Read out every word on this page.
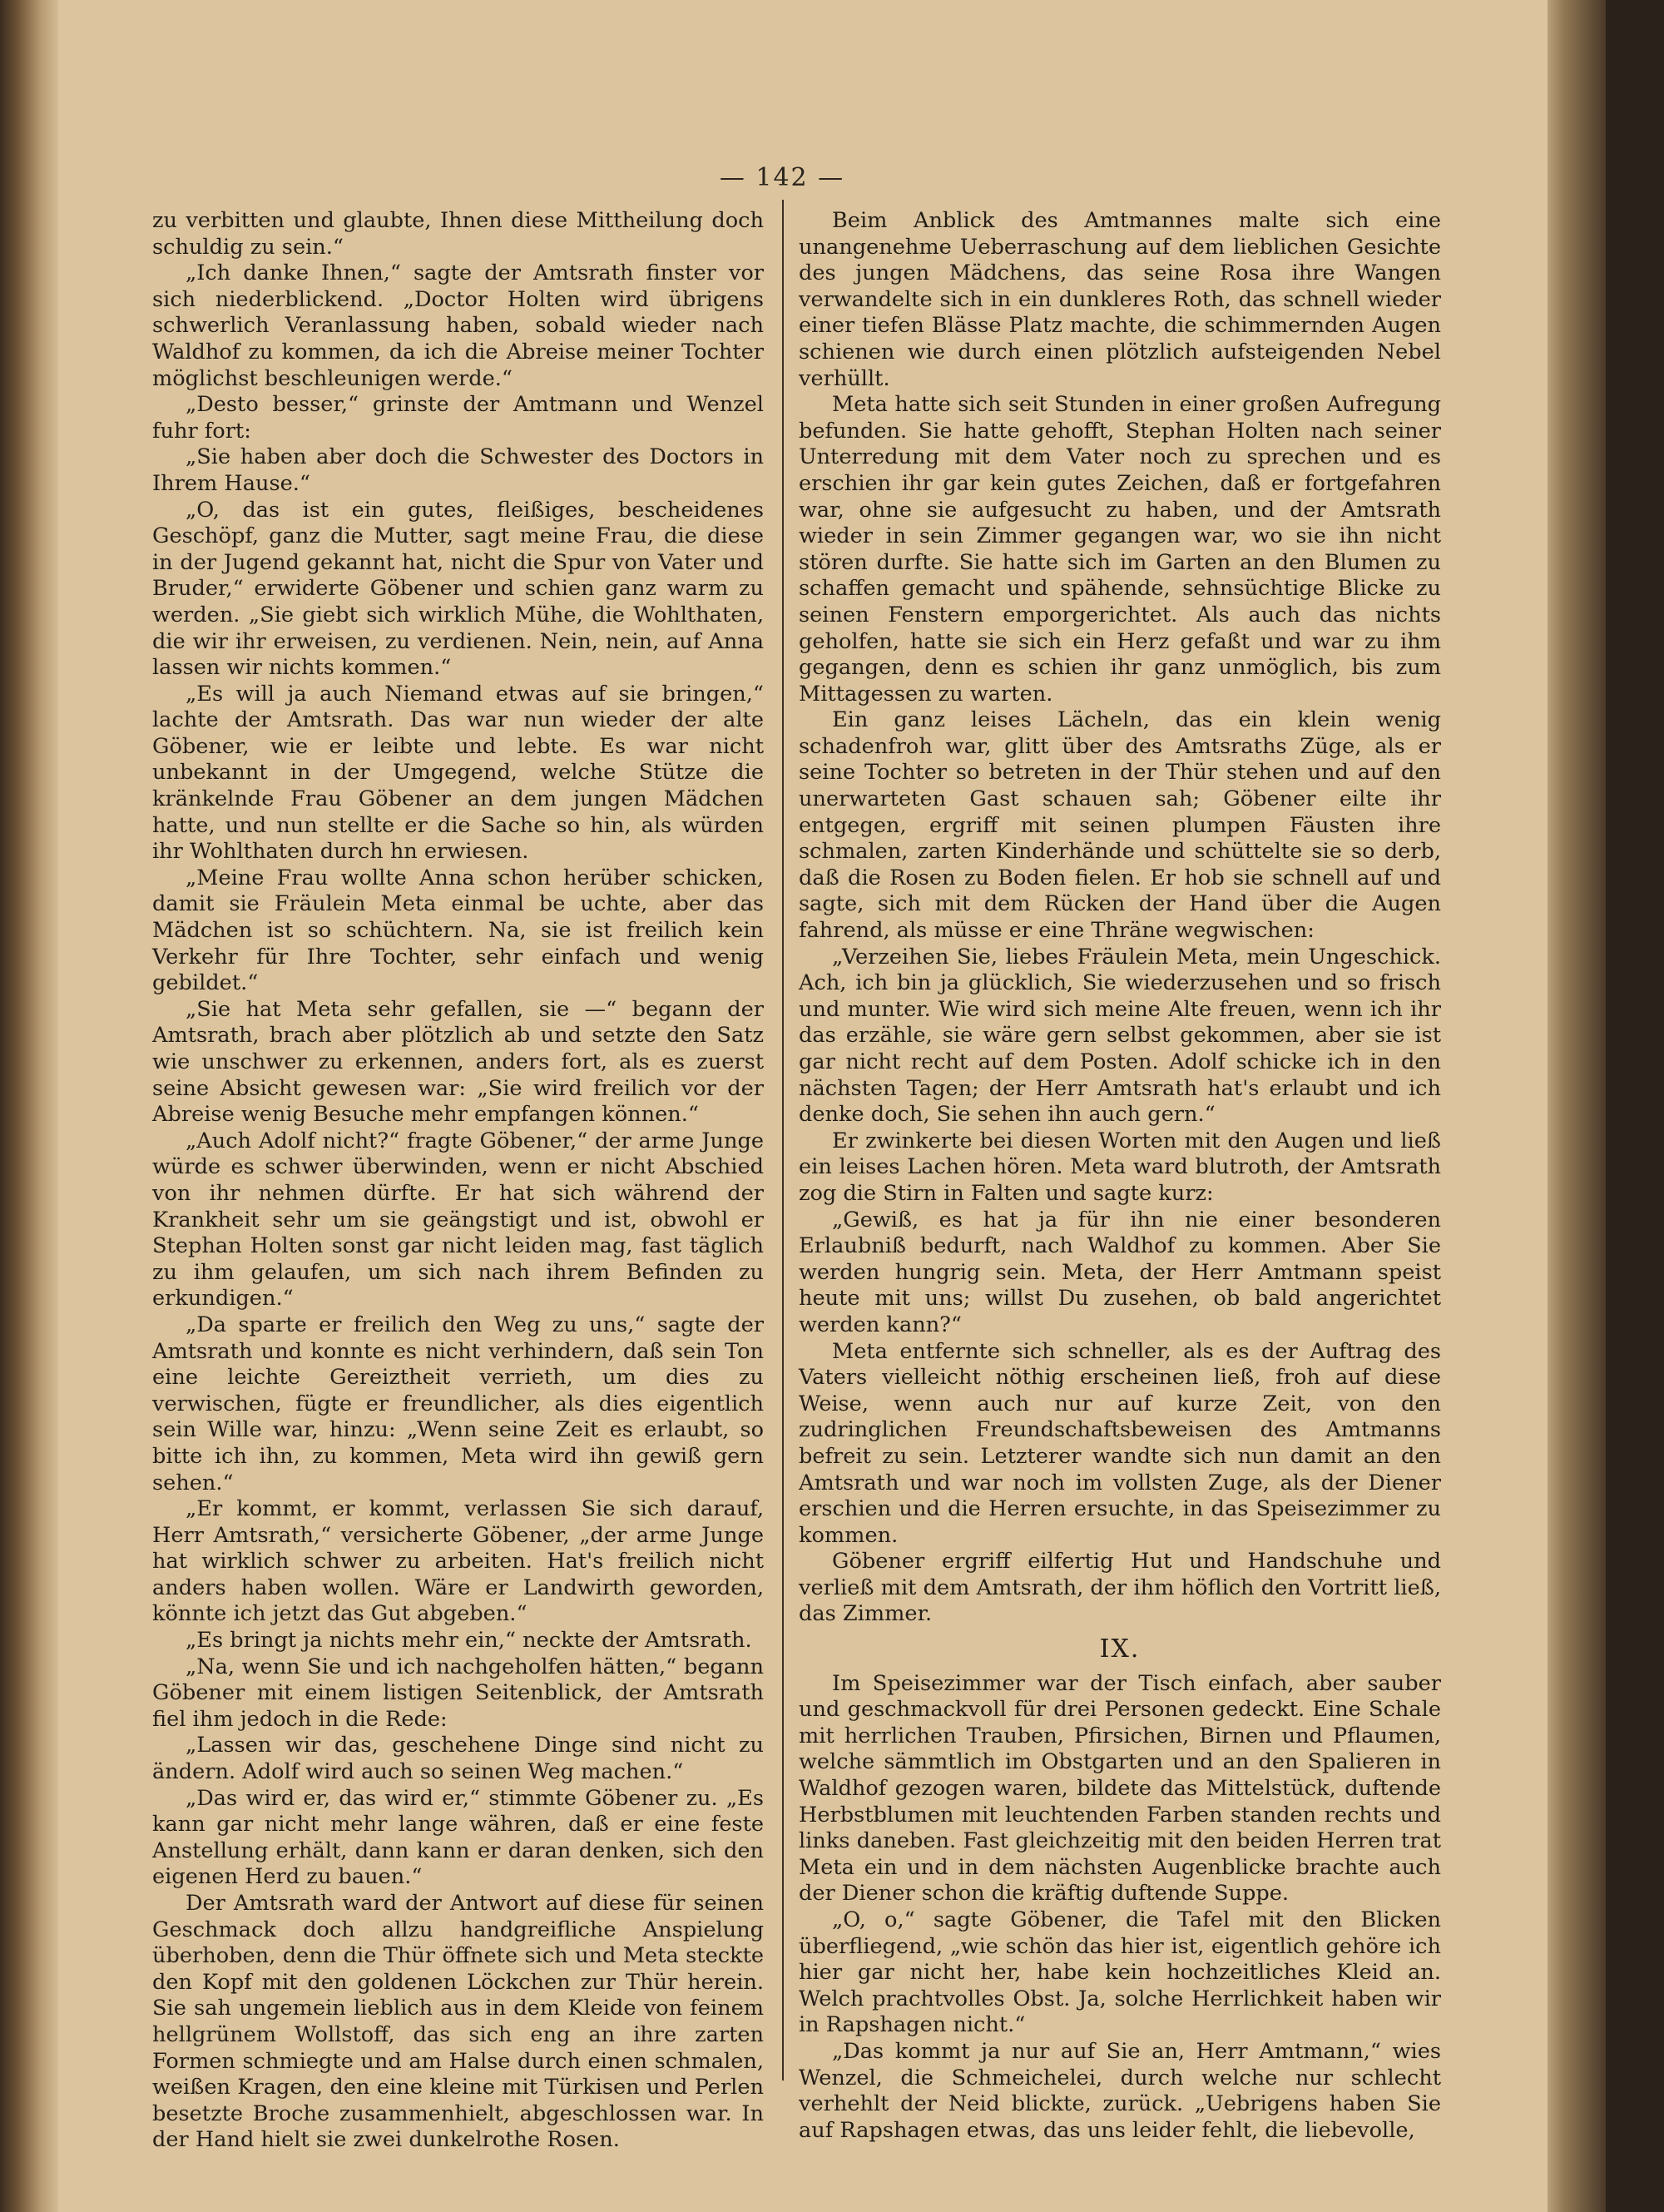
— 142 —

zu verbitten und glaubte, Ihnen diese Mittheilung doch schuldig zu sein.“

„Ich danke Ihnen,“ sagte der Amtsrath finster vor sich niederblickend. „Doctor Holten wird übrigens schwerlich Veranlassung haben, sobald wieder nach Waldhof zu kommen, da ich die Abreise meiner Tochter möglichst beschleunigen werde.“

„Desto besser,“ grinste der Amtmann und Wenzel fuhr fort:

„Sie haben aber doch die Schwester des Doctors in Ihrem Hause.“

„O, das ist ein gutes, fleißiges, bescheidenes Geschöpf, ganz die Mutter, sagt meine Frau, die diese in der Jugend gekannt hat, nicht die Spur von Vater und Bruder,“ erwiderte Göbener und schien ganz warm zu werden. „Sie giebt sich wirklich Mühe, die Wohlthaten, die wir ihr erweisen, zu verdienen. Nein, nein, auf Anna lassen wir nichts kommen.“

„Es will ja auch Niemand etwas auf sie bringen,“ lachte der Amtsrath. Das war nun wieder der alte Göbener, wie er leibte und lebte. Es war nicht unbekannt in der Umgegend, welche Stütze die kränkelnde Frau Göbener an dem jungen Mädchen hatte, und nun stellte er die Sache so hin, als würden ihr Wohlthaten durch hn erwiesen.

„Meine Frau wollte Anna schon herüber schicken, damit sie Fräulein Meta einmal be uchte, aber das Mädchen ist so schüchtern. Na, sie ist freilich kein Verkehr für Ihre Tochter, sehr einfach und wenig gebildet.“

„Sie hat Meta sehr gefallen, sie —“ begann der Amtsrath, brach aber plötzlich ab und setzte den Satz wie unschwer zu erkennen, anders fort, als es zuerst seine Absicht gewesen war: „Sie wird freilich vor der Abreise wenig Besuche mehr empfangen können.“

„Auch Adolf nicht?“ fragte Göbener,“ der arme Junge würde es schwer überwinden, wenn er nicht Abschied von ihr nehmen dürfte. Er hat sich während der Krankheit sehr um sie geängstigt und ist, obwohl er Stephan Holten sonst gar nicht leiden mag, fast täglich zu ihm gelaufen, um sich nach ihrem Befinden zu erkundigen.“

„Da sparte er freilich den Weg zu uns,“ sagte der Amtsrath und konnte es nicht verhindern, daß sein Ton eine leichte Gereiztheit verrieth, um dies zu verwischen, fügte er freundlicher, als dies eigentlich sein Wille war, hinzu: „Wenn seine Zeit es erlaubt, so bitte ich ihn, zu kommen, Meta wird ihn gewiß gern sehen.“

„Er kommt, er kommt, verlassen Sie sich darauf, Herr Amtsrath,“ versicherte Göbener, „der arme Junge hat wirklich schwer zu arbeiten. Hat's freilich nicht anders haben wollen. Wäre er Landwirth geworden, könnte ich jetzt das Gut abgeben.“

„Es bringt ja nichts mehr ein,“ neckte der Amtsrath.

„Na, wenn Sie und ich nachgeholfen hätten,“ begann Göbener mit einem listigen Seitenblick, der Amtsrath fiel ihm jedoch in die Rede:

„Lassen wir das, geschehene Dinge sind nicht zu ändern. Adolf wird auch so seinen Weg machen.“

„Das wird er, das wird er,“ stimmte Göbener zu. „Es kann gar nicht mehr lange währen, daß er eine feste Anstellung erhält, dann kann er daran denken, sich den eigenen Herd zu bauen.“

Der Amtsrath ward der Antwort auf diese für seinen Geschmack doch allzu handgreifliche Anspielung überhoben, denn die Thür öffnete sich und Meta steckte den Kopf mit den goldenen Löckchen zur Thür herein. Sie sah ungemein lieblich aus in dem Kleide von feinem hellgrünem Wollstoff, das sich eng an ihre zarten Formen schmiegte und am Halse durch einen schmalen, weißen Kragen, den eine kleine mit Türkisen und Perlen besetzte Broche zusammenhielt, abgeschlossen war. In der Hand hielt sie zwei dunkelrothe Rosen.

Beim Anblick des Amtmannes malte sich eine unangenehme Ueberraschung auf dem lieblichen Gesichte des jungen Mädchens, das seine Rosa ihre Wangen verwandelte sich in ein dunkleres Roth, das schnell wieder einer tiefen Blässe Platz machte, die schimmernden Augen schienen wie durch einen plötzlich aufsteigenden Nebel verhüllt.

Meta hatte sich seit Stunden in einer großen Aufregung befunden. Sie hatte gehofft, Stephan Holten nach seiner Unterredung mit dem Vater noch zu sprechen und es erschien ihr gar kein gutes Zeichen, daß er fortgefahren war, ohne sie aufgesucht zu haben, und der Amtsrath wieder in sein Zimmer gegangen war, wo sie ihn nicht stören durfte. Sie hatte sich im Garten an den Blumen zu schaffen gemacht und spähende, sehnsüchtige Blicke zu seinen Fenstern emporgerichtet. Als auch das nichts geholfen, hatte sie sich ein Herz gefaßt und war zu ihm gegangen, denn es schien ihr ganz unmöglich, bis zum Mittagessen zu warten.

Ein ganz leises Lächeln, das ein klein wenig schadenfroh war, glitt über des Amtsraths Züge, als er seine Tochter so betreten in der Thür stehen und auf den unerwarteten Gast schauen sah; Göbener eilte ihr entgegen, ergriff mit seinen plumpen Fäusten ihre schmalen, zarten Kinderhände und schüttelte sie so derb, daß die Rosen zu Boden fielen. Er hob sie schnell auf und sagte, sich mit dem Rücken der Hand über die Augen fahrend, als müsse er eine Thräne wegwischen:

„Verzeihen Sie, liebes Fräulein Meta, mein Ungeschick. Ach, ich bin ja glücklich, Sie wiederzusehen und so frisch und munter. Wie wird sich meine Alte freuen, wenn ich ihr das erzähle, sie wäre gern selbst gekommen, aber sie ist gar nicht recht auf dem Posten. Adolf schicke ich in den nächsten Tagen; der Herr Amtsrath hat's erlaubt und ich denke doch, Sie sehen ihn auch gern.“

Er zwinkerte bei diesen Worten mit den Augen und ließ ein leises Lachen hören. Meta ward blutroth, der Amtsrath zog die Stirn in Falten und sagte kurz:

„Gewiß, es hat ja für ihn nie einer besonderen Erlaubniß bedurft, nach Waldhof zu kommen. Aber Sie werden hungrig sein. Meta, der Herr Amtmann speist heute mit uns; willst Du zusehen, ob bald angerichtet werden kann?“

Meta entfernte sich schneller, als es der Auftrag des Vaters vielleicht nöthig erscheinen ließ, froh auf diese Weise, wenn auch nur auf kurze Zeit, von den zudringlichen Freundschaftsbeweisen des Amtmanns befreit zu sein. Letzterer wandte sich nun damit an den Amtsrath und war noch im vollsten Zuge, als der Diener erschien und die Herren ersuchte, in das Speisezimmer zu kommen.

Göbener ergriff eilfertig Hut und Handschuhe und verließ mit dem Amtsrath, der ihm höflich den Vortritt ließ, das Zimmer.

IX.

Im Speisezimmer war der Tisch einfach, aber sauber und geschmackvoll für drei Personen gedeckt. Eine Schale mit herrlichen Trauben, Pfirsichen, Birnen und Pflaumen, welche sämmtlich im Obstgarten und an den Spalieren in Waldhof gezogen waren, bildete das Mittelstück, duftende Herbstblumen mit leuchtenden Farben standen rechts und links daneben. Fast gleichzeitig mit den beiden Herren trat Meta ein und in dem nächsten Augenblicke brachte auch der Diener schon die kräftig duftende Suppe.

„O, o,“ sagte Göbener, die Tafel mit den Blicken überfliegend, „wie schön das hier ist, eigentlich gehöre ich hier gar nicht her, habe kein hochzeitliches Kleid an. Welch prachtvolles Obst. Ja, solche Herrlichkeit haben wir in Rapshagen nicht.“

„Das kommt ja nur auf Sie an, Herr Amtmann,“ wies Wenzel, die Schmeichelei, durch welche nur schlecht verhehlt der Neid blickte, zurück. „Uebrigens haben Sie auf Rapshagen etwas, das uns leider fehlt, die liebevolle,
